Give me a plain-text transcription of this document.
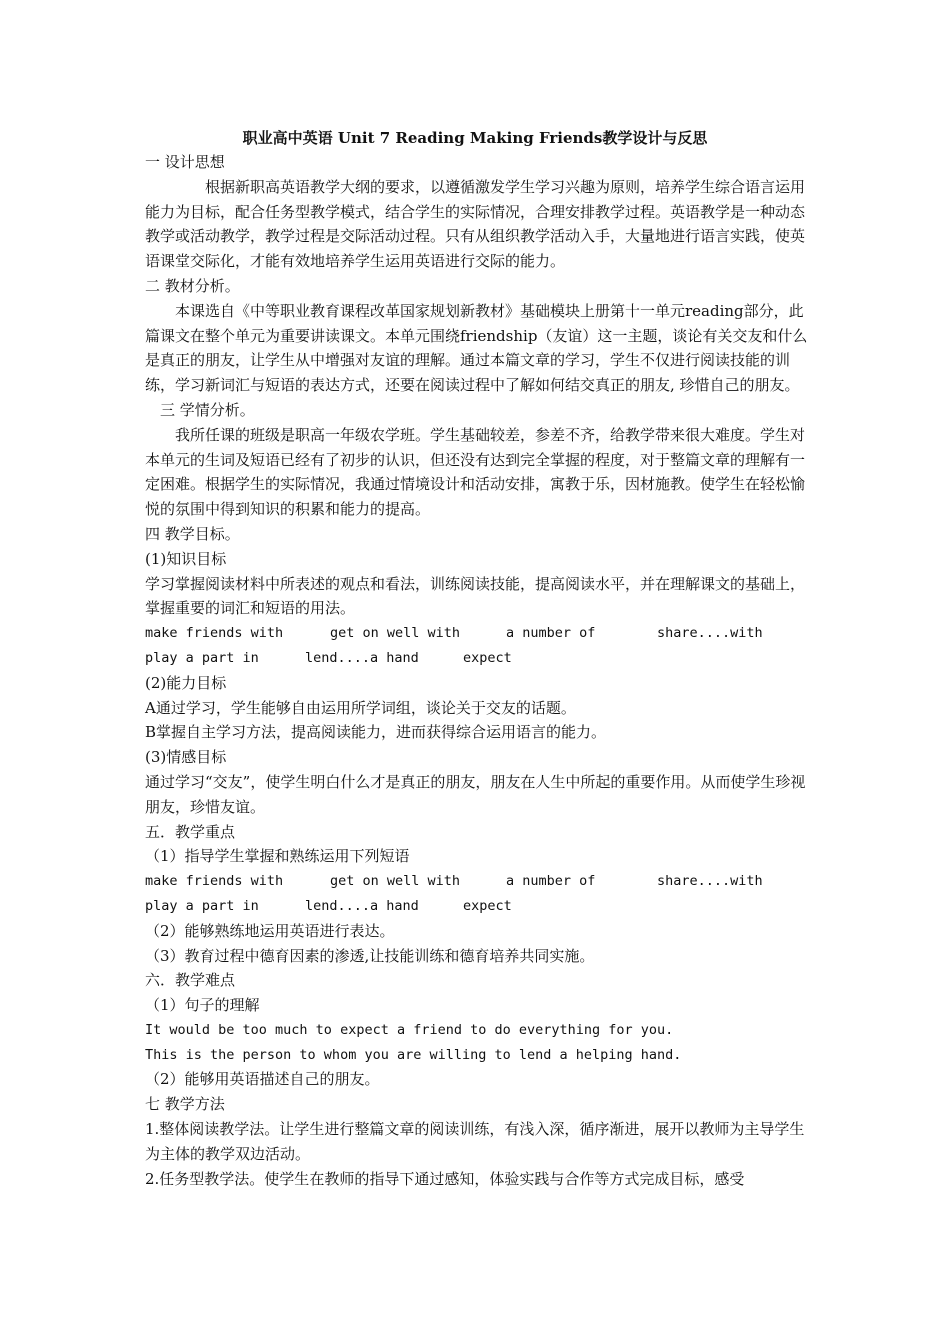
职业高中英语 Unit 7 Reading Making Friends教学设计与反思

一 设计思想

根据新职高英语教学大纲的要求，以遵循激发学生学习兴趣为原则，培养学生综合语言运用能力为目标，配合任务型教学模式，结合学生的实际情况，合理安排教学过程。英语教学是一种动态教学或活动教学，教学过程是交际活动过程。只有从组织教学活动入手，大量地进行语言实践，使英语课堂交际化，才能有效地培养学生运用英语进行交际的能力。

二 教材分析。

本课选自《中等职业教育课程改革国家规划新教材》基础模块上册第十一单元reading部分，此篇课文在整个单元为重要讲读课文。本单元围绕friendship（友谊）这一主题，谈论有关交友和什么是真正的朋友，让学生从中增强对友谊的理解。通过本篇文章的学习，学生不仅进行阅读技能的训练，学习新词汇与短语的表达方式，还要在阅读过程中了解如何结交真正的朋友, 珍惜自己的朋友。

三 学情分析。

我所任课的班级是职高一年级农学班。学生基础较差，参差不齐，给教学带来很大难度。学生对本单元的生词及短语已经有了初步的认识，但还没有达到完全掌握的程度，对于整篇文章的理解有一定困难。根据学生的实际情况，我通过情境设计和活动安排，寓教于乐，因材施教。使学生在轻松愉悦的氛围中得到知识的积累和能力的提高。

四 教学目标。

(1)知识目标

学习掌握阅读材料中所表述的观点和看法，训练阅读技能，提高阅读水平，并在理解课文的基础上，掌握重要的词汇和短语的用法。

make friends with	get on well with	a number of	share....with
play a part in	lend....a hand	expect

(2)能力目标

A通过学习，学生能够自由运用所学词组，谈论关于交友的话题。

B掌握自主学习方法，提高阅读能力，进而获得综合运用语言的能力。

(3)情感目标

通过学习“交友”，使学生明白什么才是真正的朋友，朋友在人生中所起的重要作用。从而使学生珍视朋友，珍惜友谊。

五．教学重点

（1）指导学生掌握和熟练运用下列短语

make friends with	get on well with	a number of	share....with
play a part in	lend....a hand	expect

（2）能够熟练地运用英语进行表达。

（3）教育过程中德育因素的渗透,让技能训练和德育培养共同实施。

六．教学难点

（1）句子的理解

It would be too much to expect a friend to do everything for you.

This is the person to whom you are willing to lend a helping hand.

（2）能够用英语描述自己的朋友。

七 教学方法

1.整体阅读教学法。让学生进行整篇文章的阅读训练，有浅入深，循序渐进，展开以教师为主导学生为主体的教学双边活动。

2.任务型教学法。使学生在教师的指导下通过感知，体验实践与合作等方式完成目标，感受
